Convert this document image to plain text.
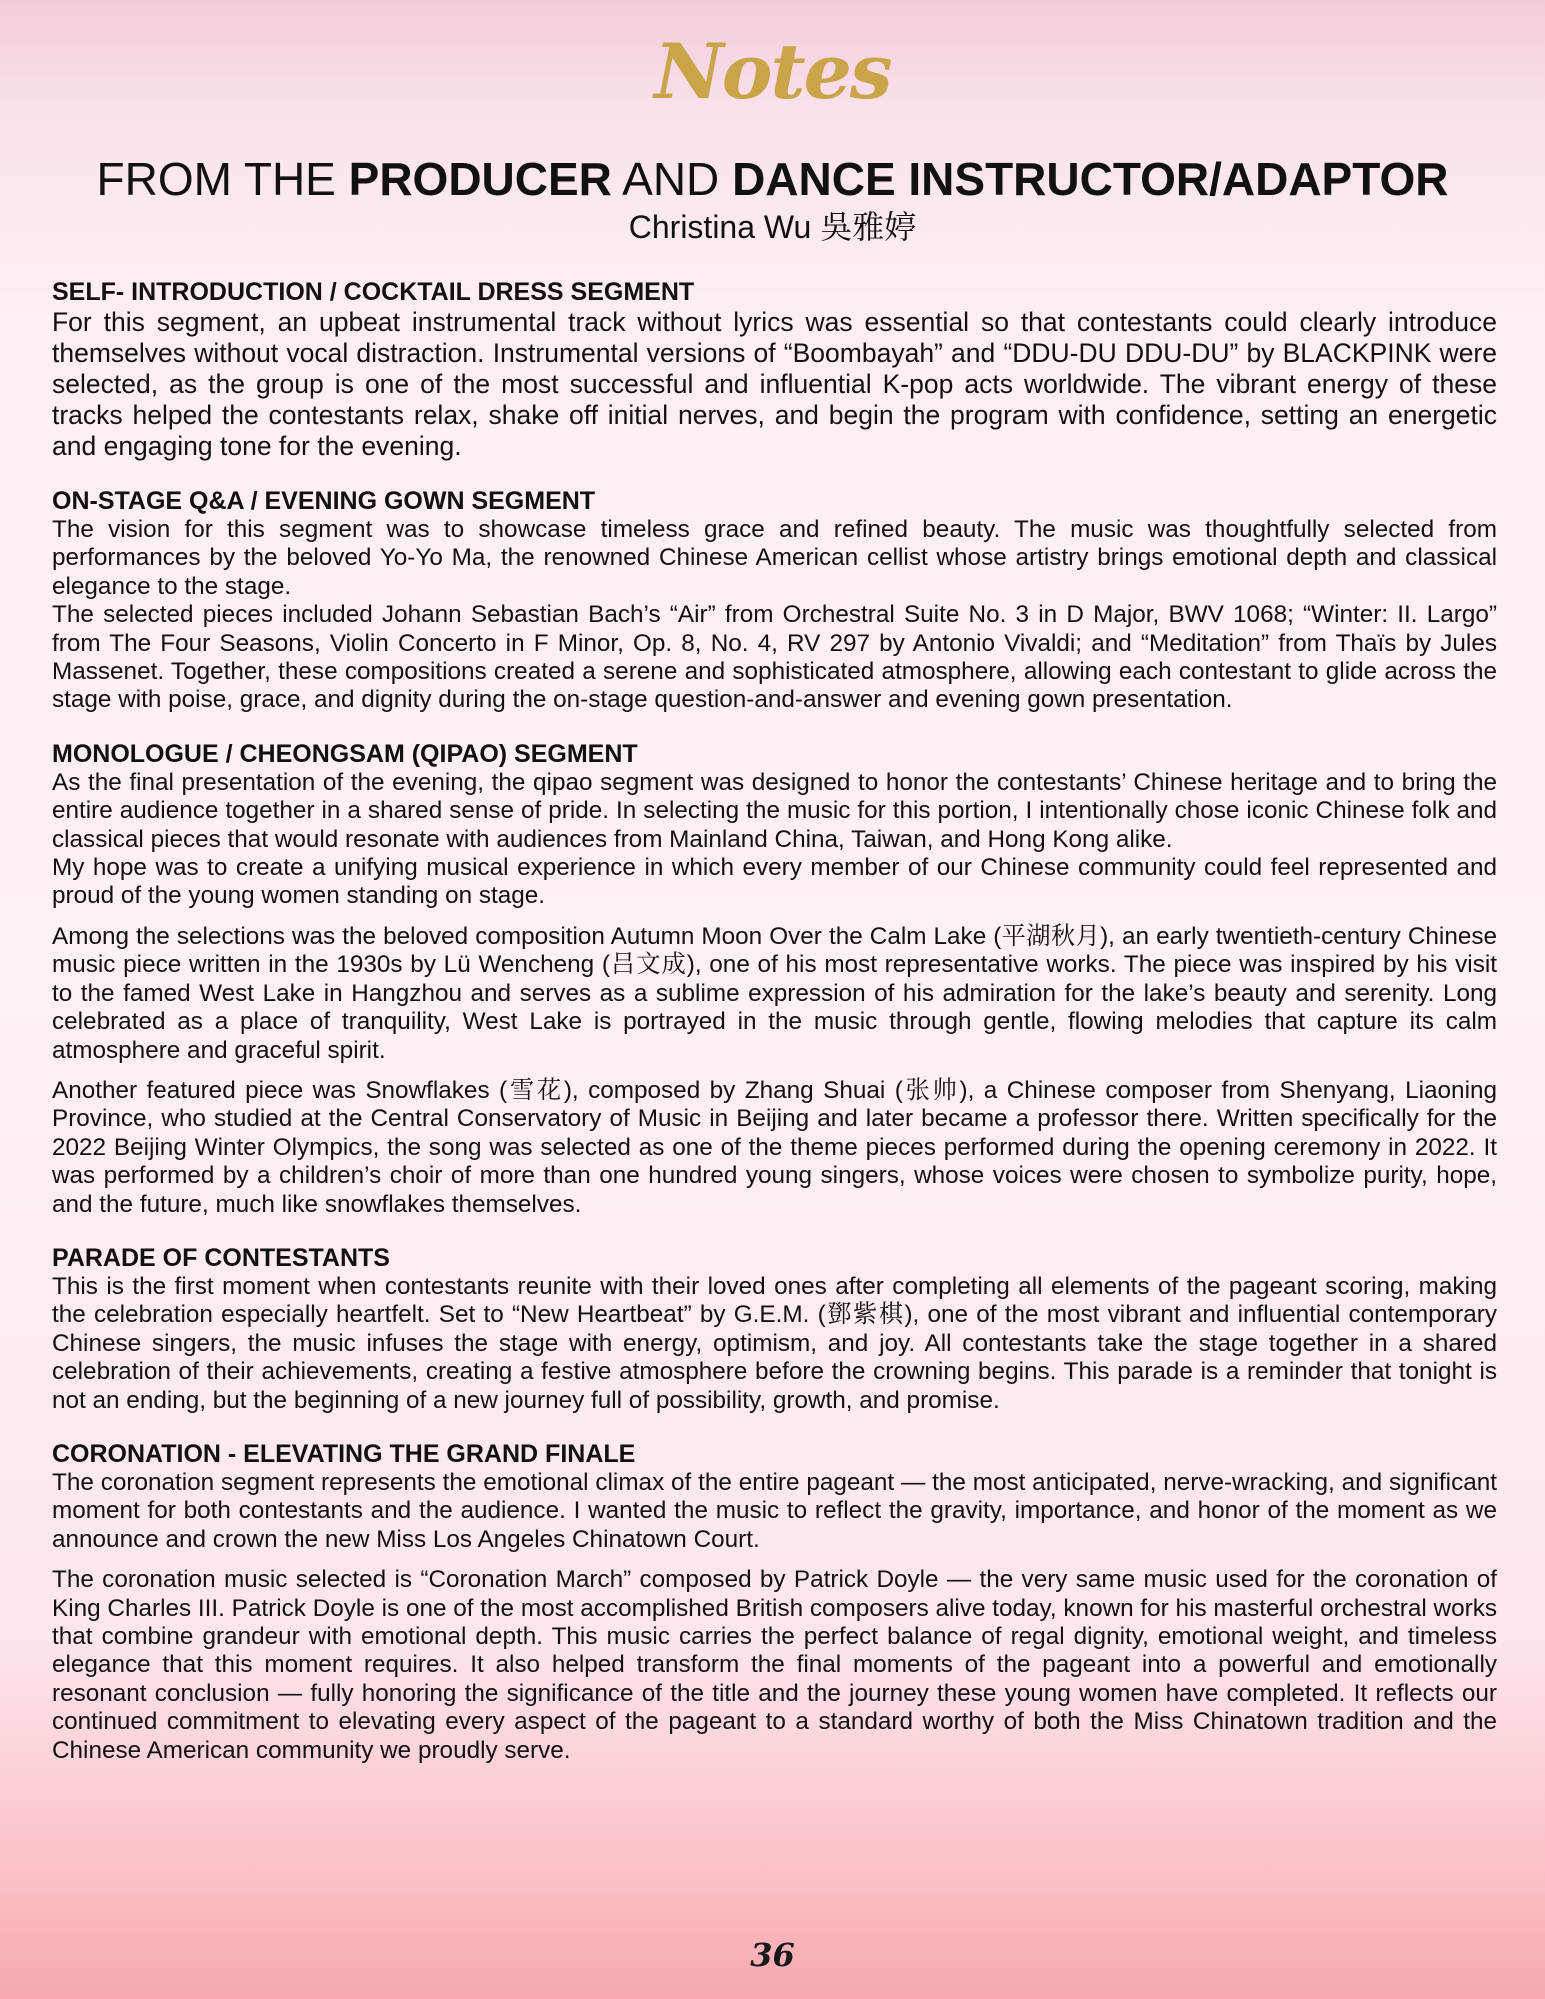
Notes
FROM THE PRODUCER AND DANCE INSTRUCTOR/ADAPTOR
Christina Wu 吳雅婷
SELF- INTRODUCTION / COCKTAIL DRESS SEGMENT

For this segment, an upbeat instrumental track without lyrics was essential so that contestants could clearly introduce themselves without vocal distraction. Instrumental versions of “Boombayah” and “DDU-DU DDU-DU” by BLACKPINK were selected, as the group is one of the most successful and influential K-pop acts worldwide. The vibrant energy of these tracks helped the contestants relax, shake off initial nerves, and begin the program with confidence, setting an energetic and engaging tone for the evening.

ON-STAGE Q&A / EVENING GOWN SEGMENT

The vision for this segment was to showcase timeless grace and refined beauty. The music was thoughtfully selected from performances by the beloved Yo-Yo Ma, the renowned Chinese American cellist whose artistry brings emotional depth and classical elegance to the stage.

The selected pieces included Johann Sebastian Bach’s “Air” from Orchestral Suite No. 3 in D Major, BWV 1068; “Winter: II. Largo” from The Four Seasons, Violin Concerto in F Minor, Op. 8, No. 4, RV 297 by Antonio Vivaldi; and “Meditation” from Thaïs by Jules Massenet. Together, these compositions created a serene and sophisticated atmosphere, allowing each contestant to glide across the stage with poise, grace, and dignity during the on-stage question-and-answer and evening gown presentation.

MONOLOGUE / CHEONGSAM (QIPAO) SEGMENT

As the final presentation of the evening, the qipao segment was designed to honor the contestants’ Chinese heritage and to bring the entire audience together in a shared sense of pride. In selecting the music for this portion, I intentionally chose iconic Chinese folk and classical pieces that would resonate with audiences from Mainland China, Taiwan, and Hong Kong alike.

My hope was to create a unifying musical experience in which every member of our Chinese community could feel represented and proud of the young women standing on stage.

Among the selections was the beloved composition Autumn Moon Over the Calm Lake (平湖秋月), an early twentieth-century Chinese music piece written in the 1930s by Lü Wencheng (吕文成), one of his most representative works. The piece was inspired by his visit to the famed West Lake in Hangzhou and serves as a sublime expression of his admiration for the lake’s beauty and serenity. Long celebrated as a place of tranquility, West Lake is portrayed in the music through gentle, flowing melodies that capture its calm atmosphere and graceful spirit.

Another featured piece was Snowflakes (雪花), composed by Zhang Shuai (张帅), a Chinese composer from Shenyang, Liaoning Province, who studied at the Central Conservatory of Music in Beijing and later became a professor there. Written specifically for the 2022 Beijing Winter Olympics, the song was selected as one of the theme pieces performed during the opening ceremony in 2022. It was performed by a children’s choir of more than one hundred young singers, whose voices were chosen to symbolize purity, hope, and the future, much like snowflakes themselves.

PARADE OF CONTESTANTS

This is the first moment when contestants reunite with their loved ones after completing all elements of the pageant scoring, making the celebration especially heartfelt. Set to “New Heartbeat” by G.E.M. (鄧紫棋), one of the most vibrant and influential contemporary Chinese singers, the music infuses the stage with energy, optimism, and joy. All contestants take the stage together in a shared celebration of their achievements, creating a festive atmosphere before the crowning begins. This parade is a reminder that tonight is not an ending, but the beginning of a new journey full of possibility, growth, and promise.

CORONATION - ELEVATING THE GRAND FINALE

The coronation segment represents the emotional climax of the entire pageant — the most anticipated, nerve-wracking, and significant moment for both contestants and the audience. I wanted the music to reflect the gravity, importance, and honor of the moment as we announce and crown the new Miss Los Angeles Chinatown Court.

The coronation music selected is “Coronation March” composed by Patrick Doyle — the very same music used for the coronation of King Charles III. Patrick Doyle is one of the most accomplished British composers alive today, known for his masterful orchestral works that combine grandeur with emotional depth. This music carries the perfect balance of regal dignity, emotional weight, and timeless elegance that this moment requires. It also helped transform the final moments of the pageant into a powerful and emotionally resonant conclusion — fully honoring the significance of the title and the journey these young women have completed. It reflects our continued commitment to elevating every aspect of the pageant to a standard worthy of both the Miss Chinatown tradition and the Chinese American community we proudly serve.

36
